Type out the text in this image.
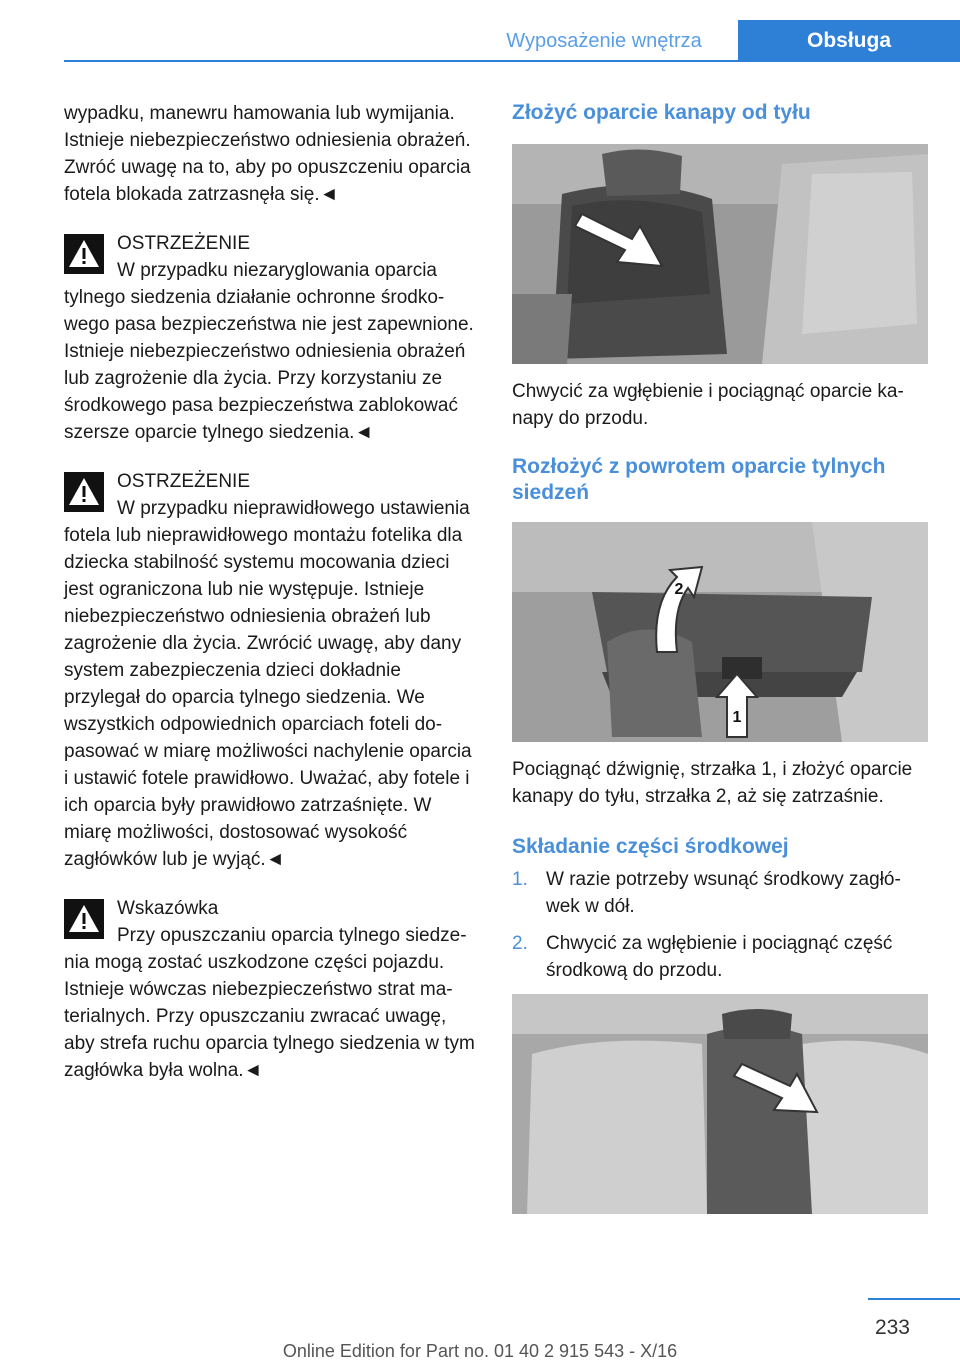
Wyposażenie wnętrza	Obsługa

wypadku, manewru hamowania lub wymijania. Istnieje niebezpieczeństwo odniesienia obrażeń. Zwróć uwagę na to, aby po opuszczeniu oparcia fotela blokada zatrzasnęła się.◄

OSTRZEŻENIE

W przypadku niezaryglowania oparcia tylnego siedzenia działanie ochronne środkowego pasa bezpieczeństwa nie jest zapewnione. Istnieje niebezpieczeństwo odniesienia obrażeń lub zagrożenie dla życia. Przy korzystaniu ze środkowego pasa bezpieczeństwa zablokować szersze oparcie tylnego siedzenia.◄

OSTRZEŻENIE

W przypadku nieprawidłowego ustawienia fotela lub nieprawidłowego montażu fotelika dla dziecka stabilność systemu mocowania dzieci jest ograniczona lub nie występuje. Istnieje niebezpieczeństwo odniesienia obrażeń lub zagrożenie dla życia. Zwrócić uwagę, aby dany system zabezpieczenia dzieci dokładnie przylegał do oparcia tylnego siedzenia. We wszystkich odpowiednich oparciach foteli dopasować w miarę możliwości nachylenie oparcia i ustawić fotele prawidłowo. Uważać, aby fotele i ich oparcia były prawidłowo zatrzaśnięte. W miarę możliwości, dostosować wysokość zagłówków lub je wyjąć.◄

Wskazówka

Przy opuszczaniu oparcia tylnego siedzenia mogą zostać uszkodzone części pojazdu. Istnieje wówczas niebezpieczeństwo strat materialnych. Przy opuszczaniu zwracać uwagę, aby strefa ruchu oparcia tylnego siedzenia w tym zagłówka była wolna.◄

Złożyć oparcie kanapy od tyłu

Chwycić za wgłębienie i pociągnąć oparcie kanapy do przodu.

Rozłożyć z powrotem oparcie tylnych siedzeń
1
2

Pociągnąć dźwignię, strzałka 1, i złożyć oparcie kanapy do tyłu, strzałka 2, aż się zatrzaśnie.

Składanie części środkowej
1. W razie potrzeby wsunąć środkowy zagłówek w dół.
2. Chwycić za wgłębienie i pociągnąć część środkową do przodu.
233
Online Edition for Part no. 01 40 2 915 543 - X/16
